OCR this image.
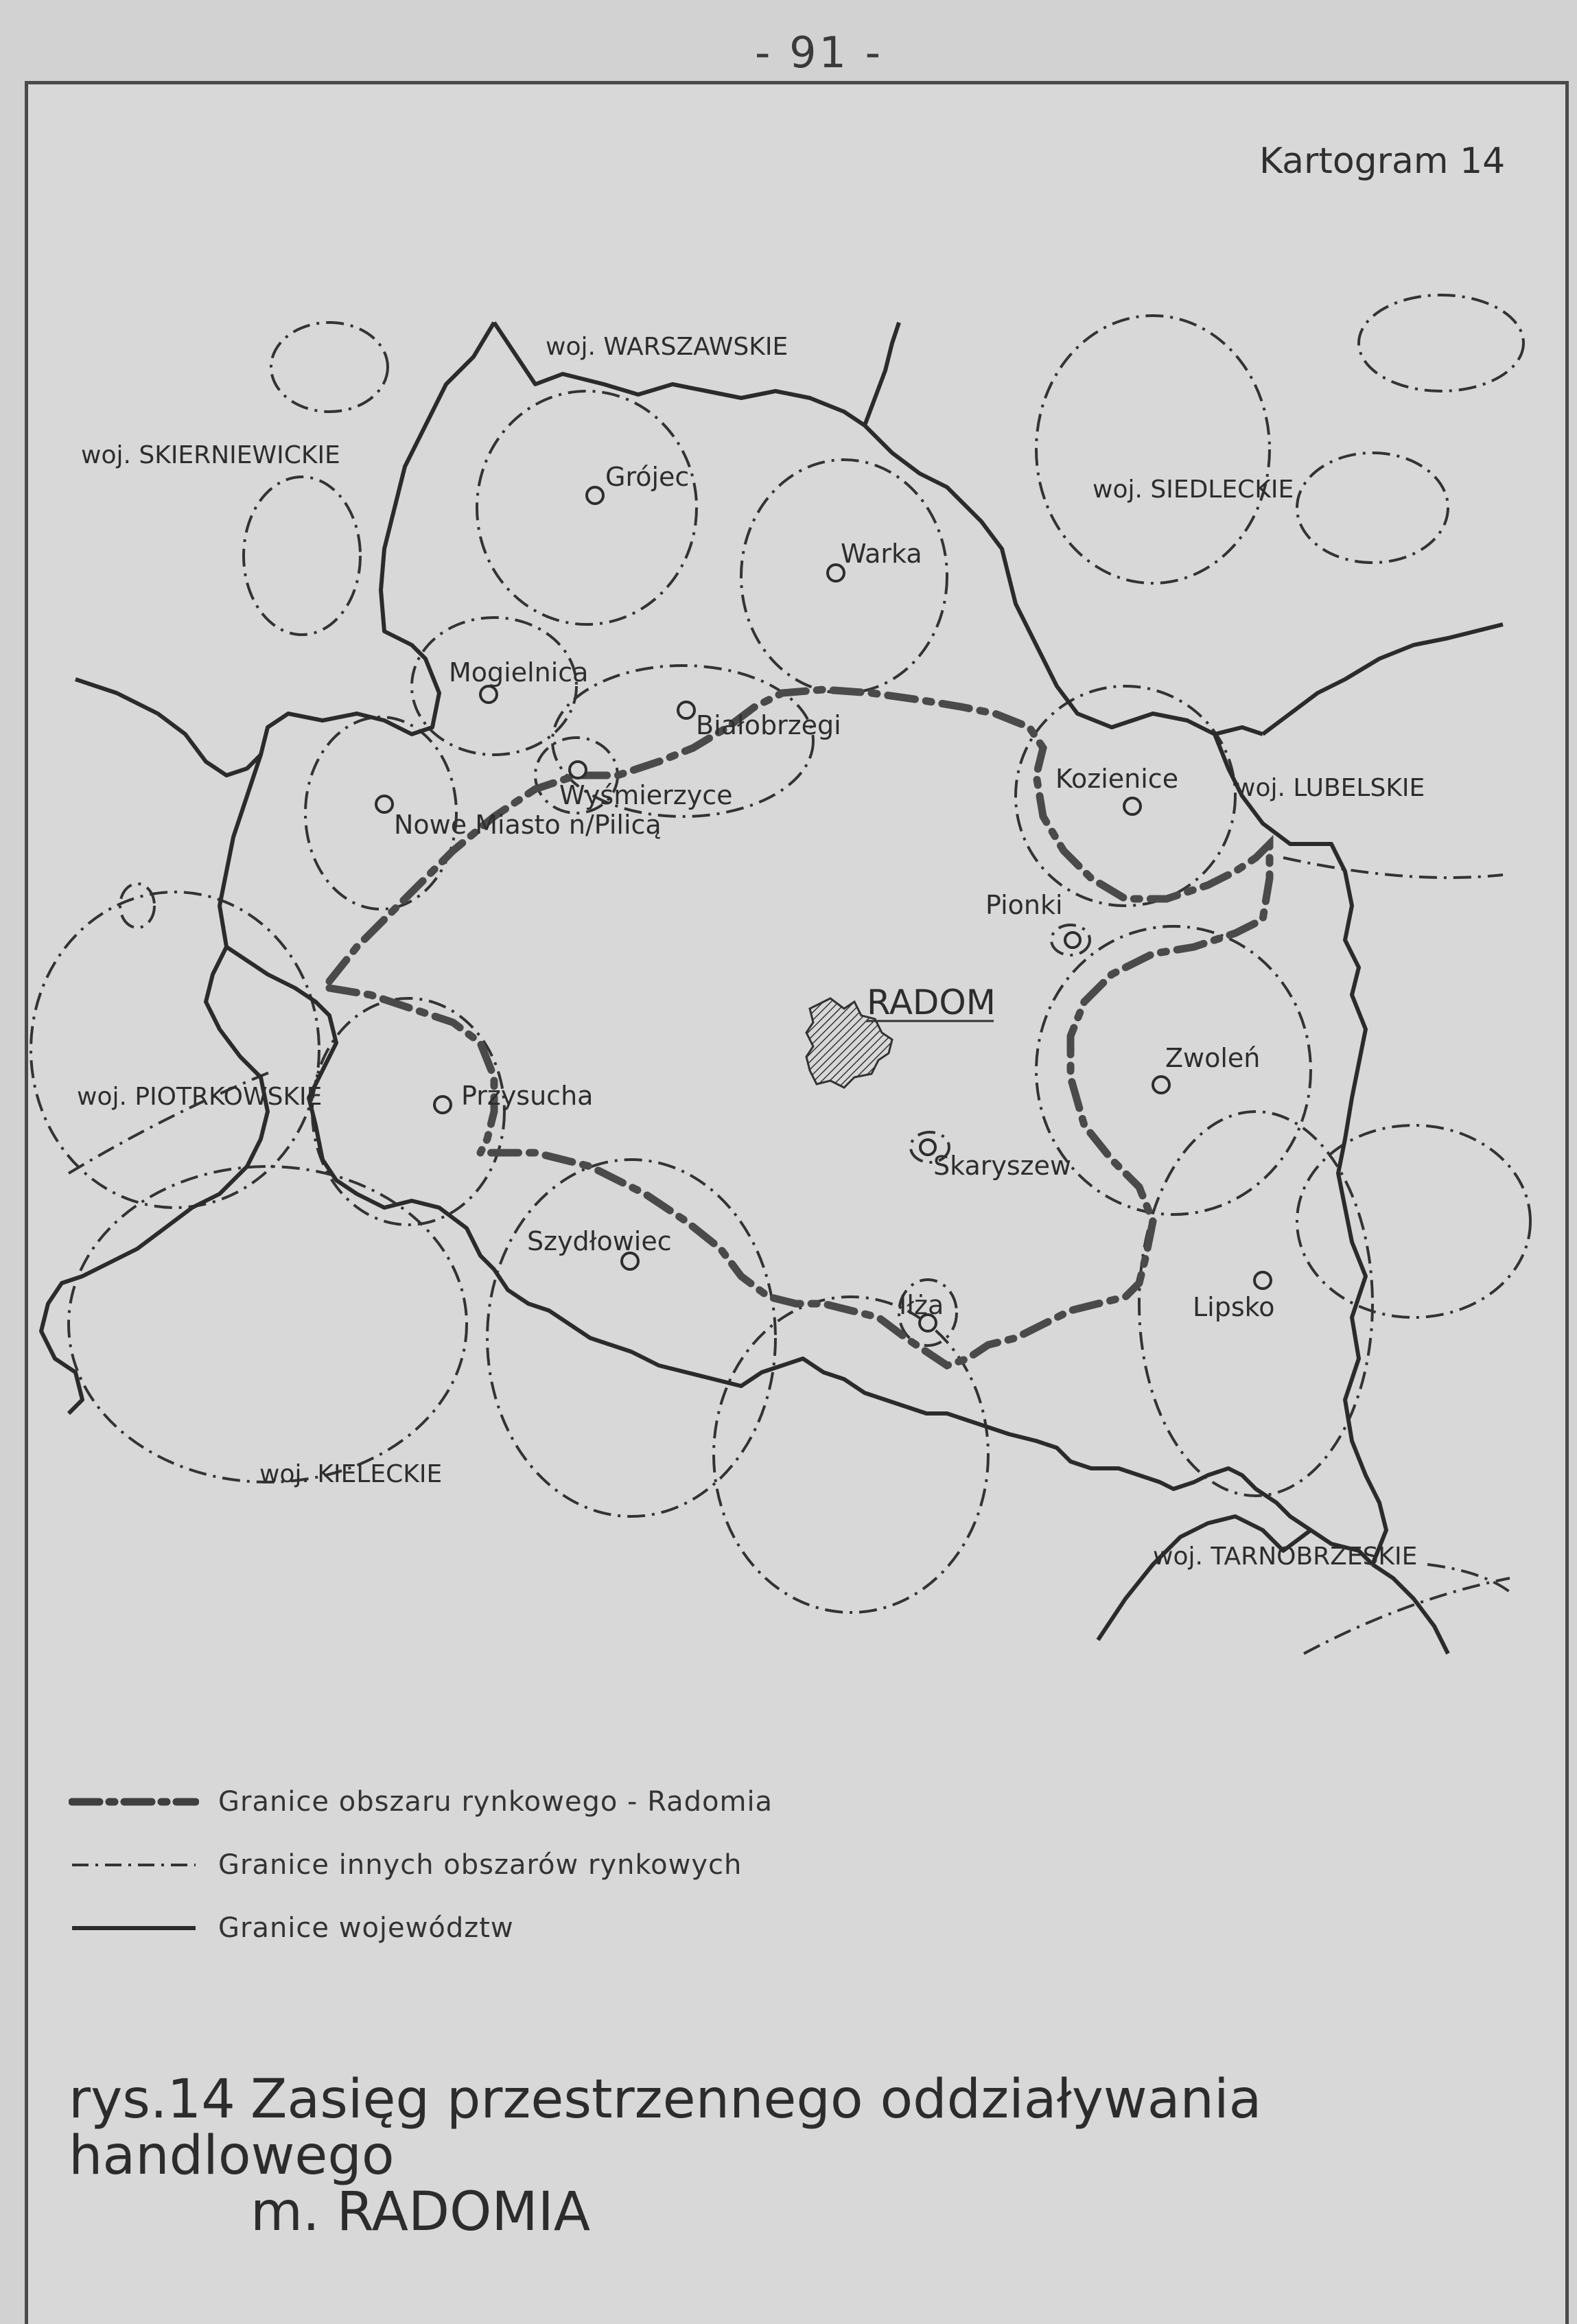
- 91 -
Kartogram 14
woj. WARSZAWSKIE
woj. SKIERNIEWICKIE
woj. SIEDLECKIE
woj. LUBELSKIE
woj. PIOTRKOWSKIE
woj. KIELECKIE
woj. TARNOBRZESKIE
Grójec
Warka
Mogielnica
Białobrzegi
Wyśmierzyce
Nowe Miasto n/Pilicą
Kozienice
Pionki
Zwoleń
Przysucha
Skaryszew
Szydłowiec
Iłża	Lipsko
RADOM
Granice obszaru rynkowego - Radomia
Granice innych obszarów rynkowych
Granice województw
rys.14 Zasięg przestrzennego oddziaływania handlowego
m. RADOMIA
